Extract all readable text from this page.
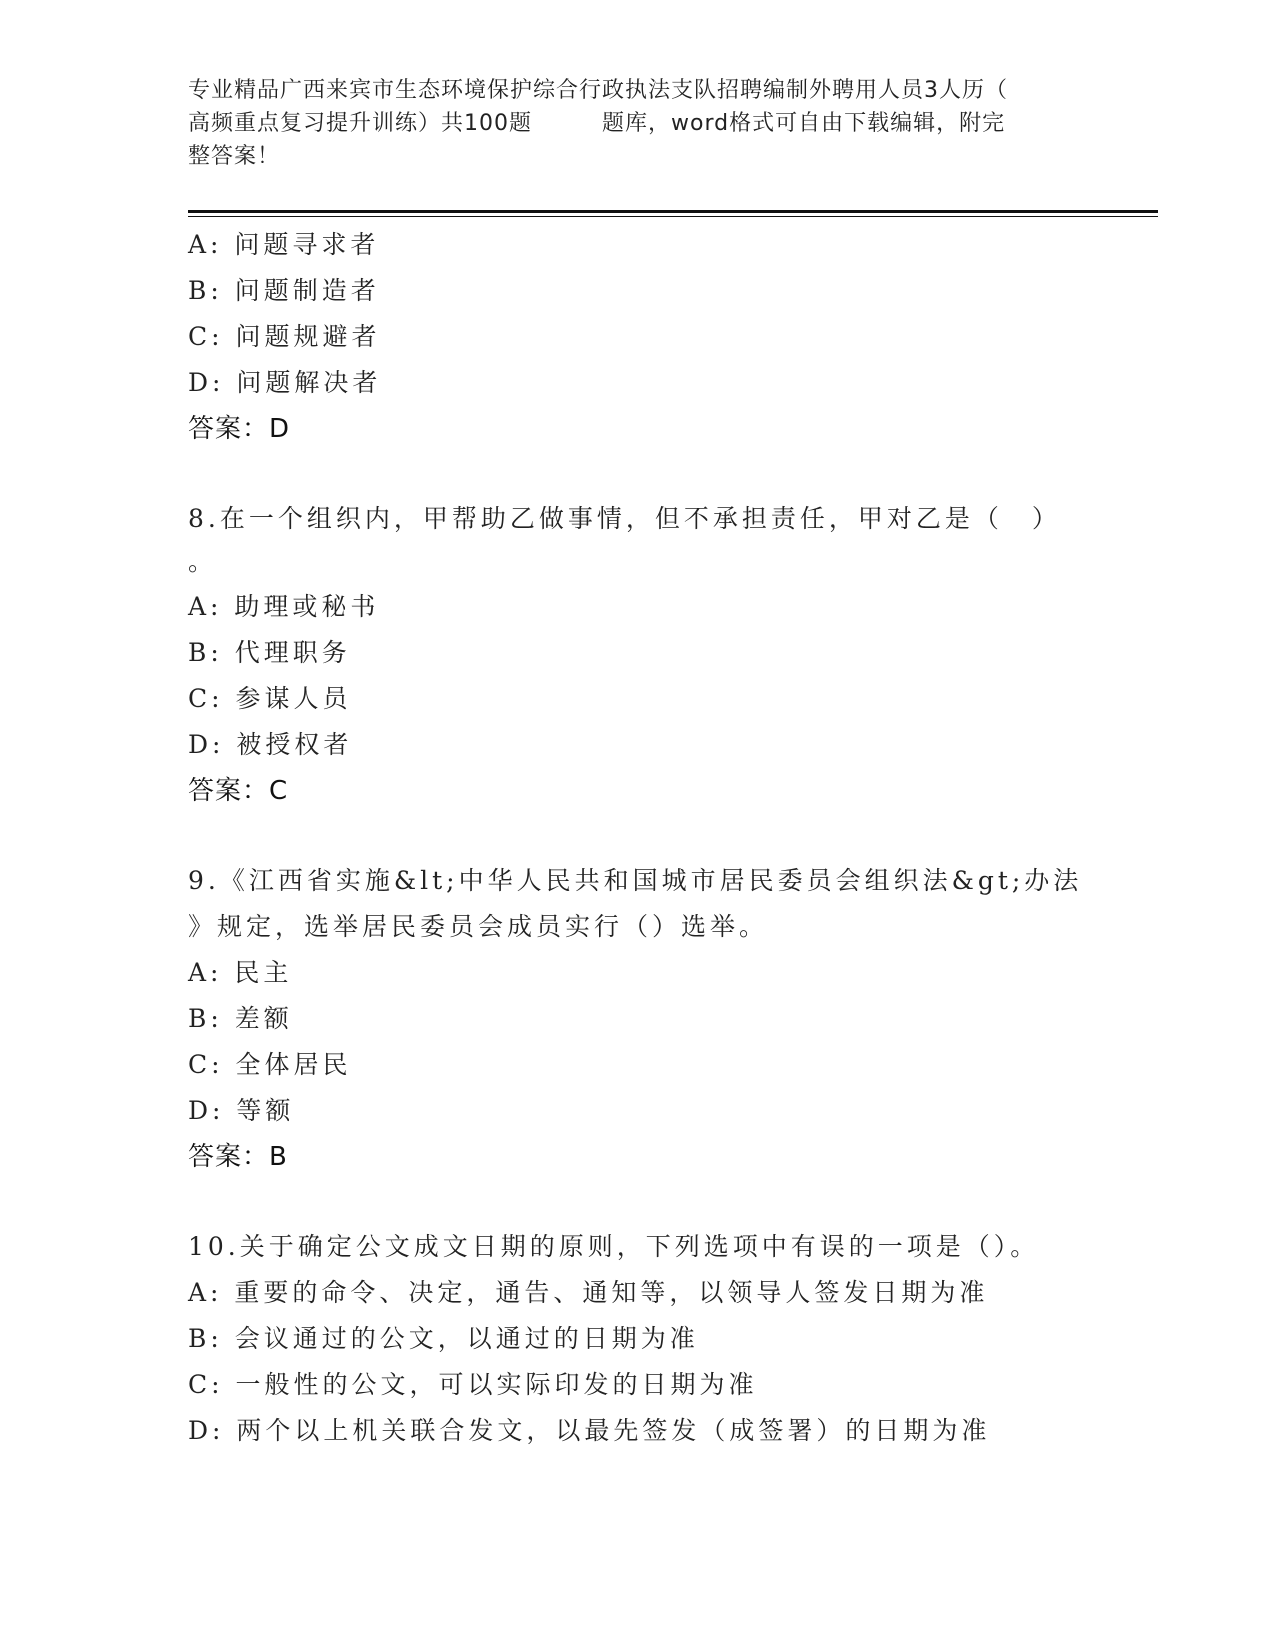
专业精品广西来宾市生态环境保护综合行政执法支队招聘编制外聘用人员3人历（
高频重点复习提升训练）共100题	题库，word格式可自由下载编辑，附完
整答案！
A: 问题寻求者
B: 问题制造者
C: 问题规避者
D: 问题解决者
答案：D
8.在一个组织内，甲帮助乙做事情，但不承担责任，甲对乙是（　）
。
A: 助理或秘书
B: 代理职务
C: 参谋人员
D: 被授权者
答案：C
9.《江西省实施&lt;中华人民共和国城市居民委员会组织法&gt;办法
》规定，选举居民委员会成员实行（）选举。
A: 民主
B: 差额
C: 全体居民
D: 等额
答案：B
10.关于确定公文成文日期的原则，下列选项中有误的一项是（）。
A: 重要的命令、决定，通告、通知等，以领导人签发日期为准
B: 会议通过的公文，以通过的日期为准
C: 一般性的公文，可以实际印发的日期为准
D: 两个以上机关联合发文，以最先签发（成签署）的日期为准
